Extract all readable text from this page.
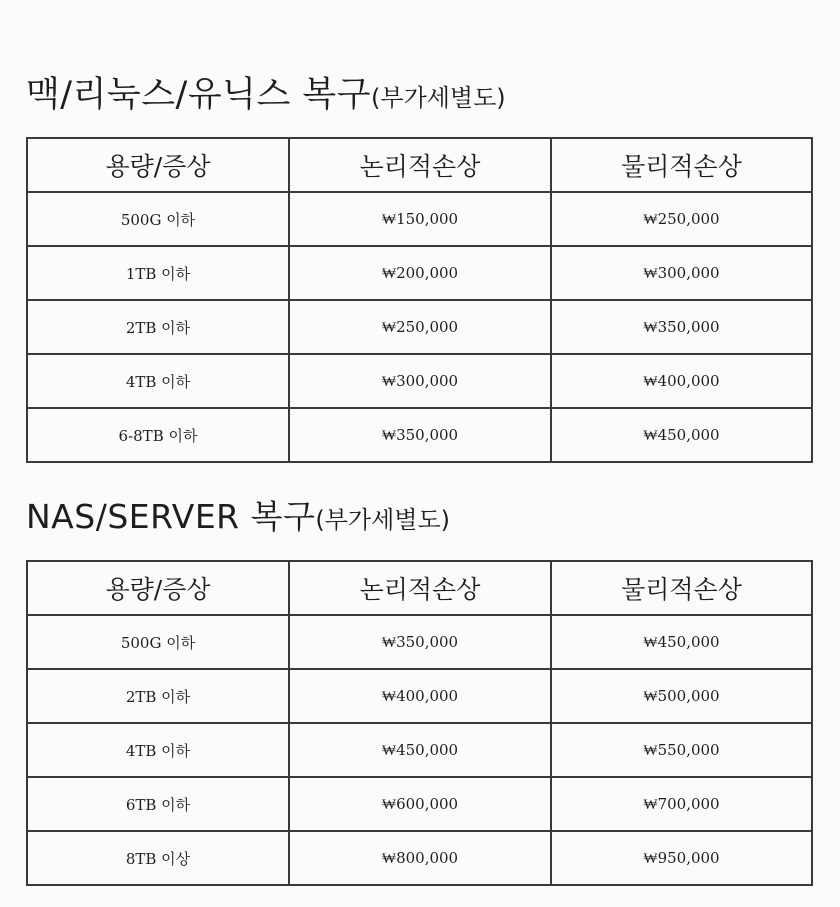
맥/리눅스/유닉스 복구(부가세별도)
용량/증상	논리적손상	물리적손상
500G 이하	₩150,000	₩250,000
1TB 이하	₩200,000	₩300,000
2TB 이하	₩250,000	₩350,000
4TB 이하	₩300,000	₩400,000
6-8TB 이하	₩350,000	₩450,000
NAS/SERVER 복구(부가세별도)
용량/증상	논리적손상	물리적손상
500G 이하	₩350,000	₩450,000
2TB 이하	₩400,000	₩500,000
4TB 이하	₩450,000	₩550,000
6TB 이하	₩600,000	₩700,000
8TB 이상	₩800,000	₩950,000
